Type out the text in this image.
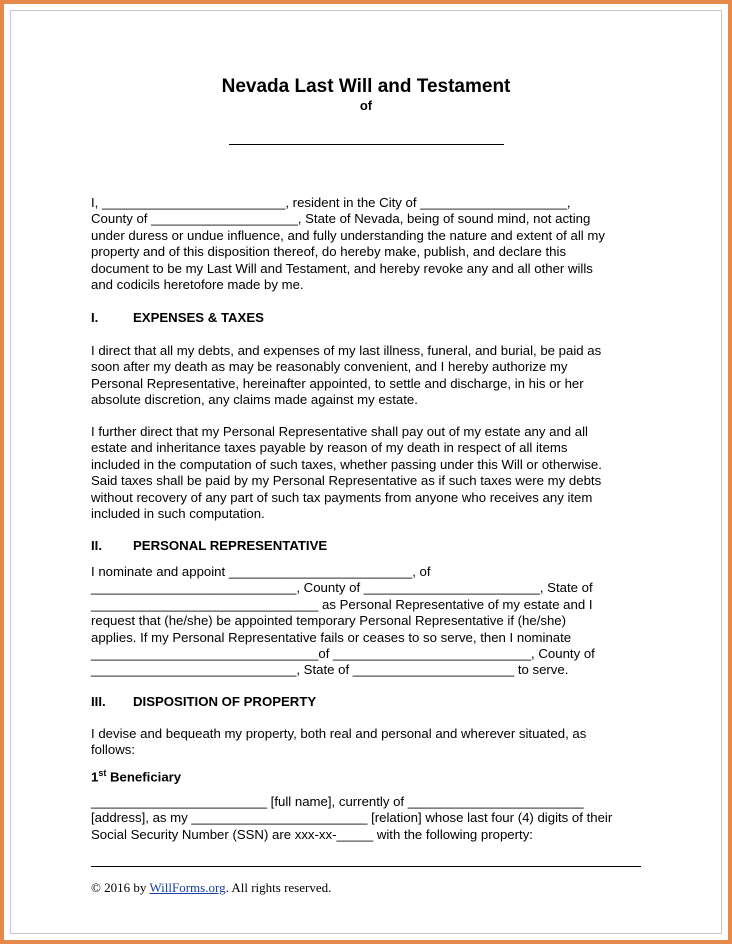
Nevada Last Will and Testament
of
I, _________________________, resident in the City of ____________________,
County of ____________________, State of Nevada, being of sound mind, not acting
under duress or undue influence, and fully understanding the nature and extent of all my
property and of this disposition thereof, do hereby make, publish, and declare this
document to be my Last Will and Testament, and hereby revoke any and all other wills
and codicils heretofore made by me.
I.	EXPENSES & TAXES
I direct that all my debts, and expenses of my last illness, funeral, and burial, be paid as
soon after my death as may be reasonably convenient, and I hereby authorize my
Personal Representative, hereinafter appointed, to settle and discharge, in his or her
absolute discretion, any claims made against my estate.
I further direct that my Personal Representative shall pay out of my estate any and all
estate and inheritance taxes payable by reason of my death in respect of all items
included in the computation of such taxes, whether passing under this Will or otherwise.
Said taxes shall be paid by my Personal Representative as if such taxes were my debts
without recovery of any part of such tax payments from anyone who receives any item
included in such computation.
II. PERSONAL REPRESENTATIVE
I nominate and appoint _________________________, of
____________________________, County of ________________________, State of
_______________________________ as Personal Representative of my estate and I
request that (he/she) be appointed temporary Personal Representative if (he/she)
applies. If my Personal Representative fails or ceases to so serve, then I nominate
_______________________________of ___________________________, County of
____________________________, State of ______________________ to serve.
III. DISPOSITION OF PROPERTY
I devise and bequeath my property, both real and personal and wherever situated, as
follows:
1st Beneficiary
________________________ [full name], currently of ________________________
[address], as my ________________________ [relation] whose last four (4) digits of their
Social Security Number (SSN) are xxx-xx-_____ with the following property:
© 2016 by WillForms.org. All rights reserved.
